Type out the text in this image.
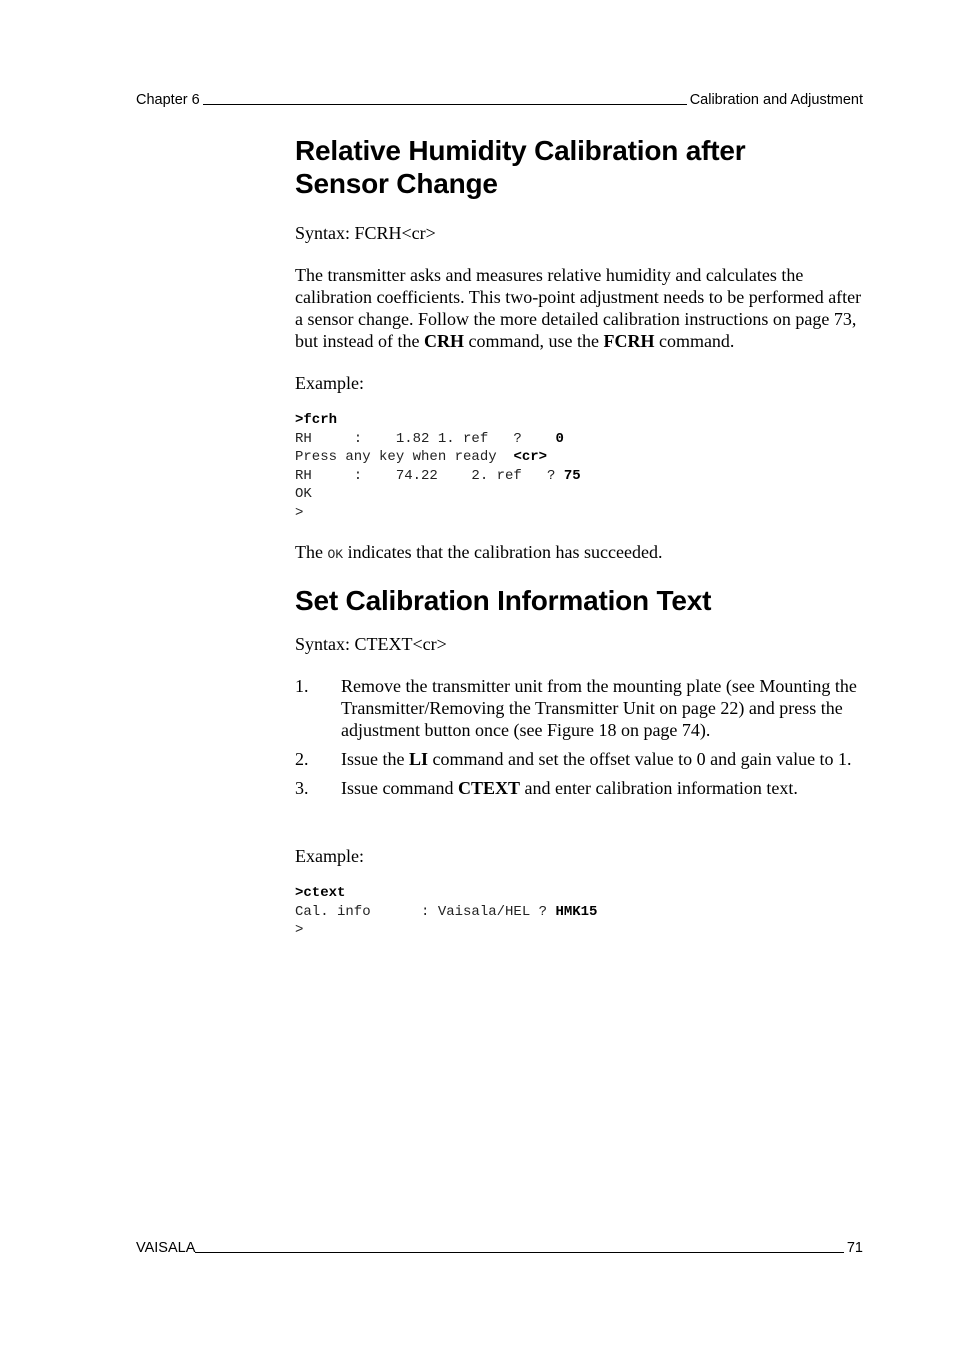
Chapter 6	Calibration and Adjustment
Relative Humidity Calibration after Sensor Change

Syntax: FCRH<cr>

The transmitter asks and measures relative humidity and calculates the calibration coefficients. This two-point adjustment needs to be performed after a sensor change. Follow the more detailed calibration instructions on page 73, but instead of the CRH command, use the FCRH command.

Example:

>fcrh
RH     :    1.82 1. ref   ?    0
Press any key when ready  <cr>
RH     :    74.22    2. ref   ? 75
OK
>

The OK indicates that the calibration has succeeded.

Set Calibration Information Text

Syntax: CTEXT<cr>

1.	Remove the transmitter unit from the mounting plate (see Mounting the Transmitter/Removing the Transmitter Unit on page 22) and press the adjustment button once (see Figure 18 on page 74).
2.	Issue the LI command and set the offset value to 0 and gain value to 1.
3.	Issue command CTEXT and enter calibration information text.

Example:

>ctext
Cal. info      : Vaisala/HEL ? HMK15
>
VAISALA	71
